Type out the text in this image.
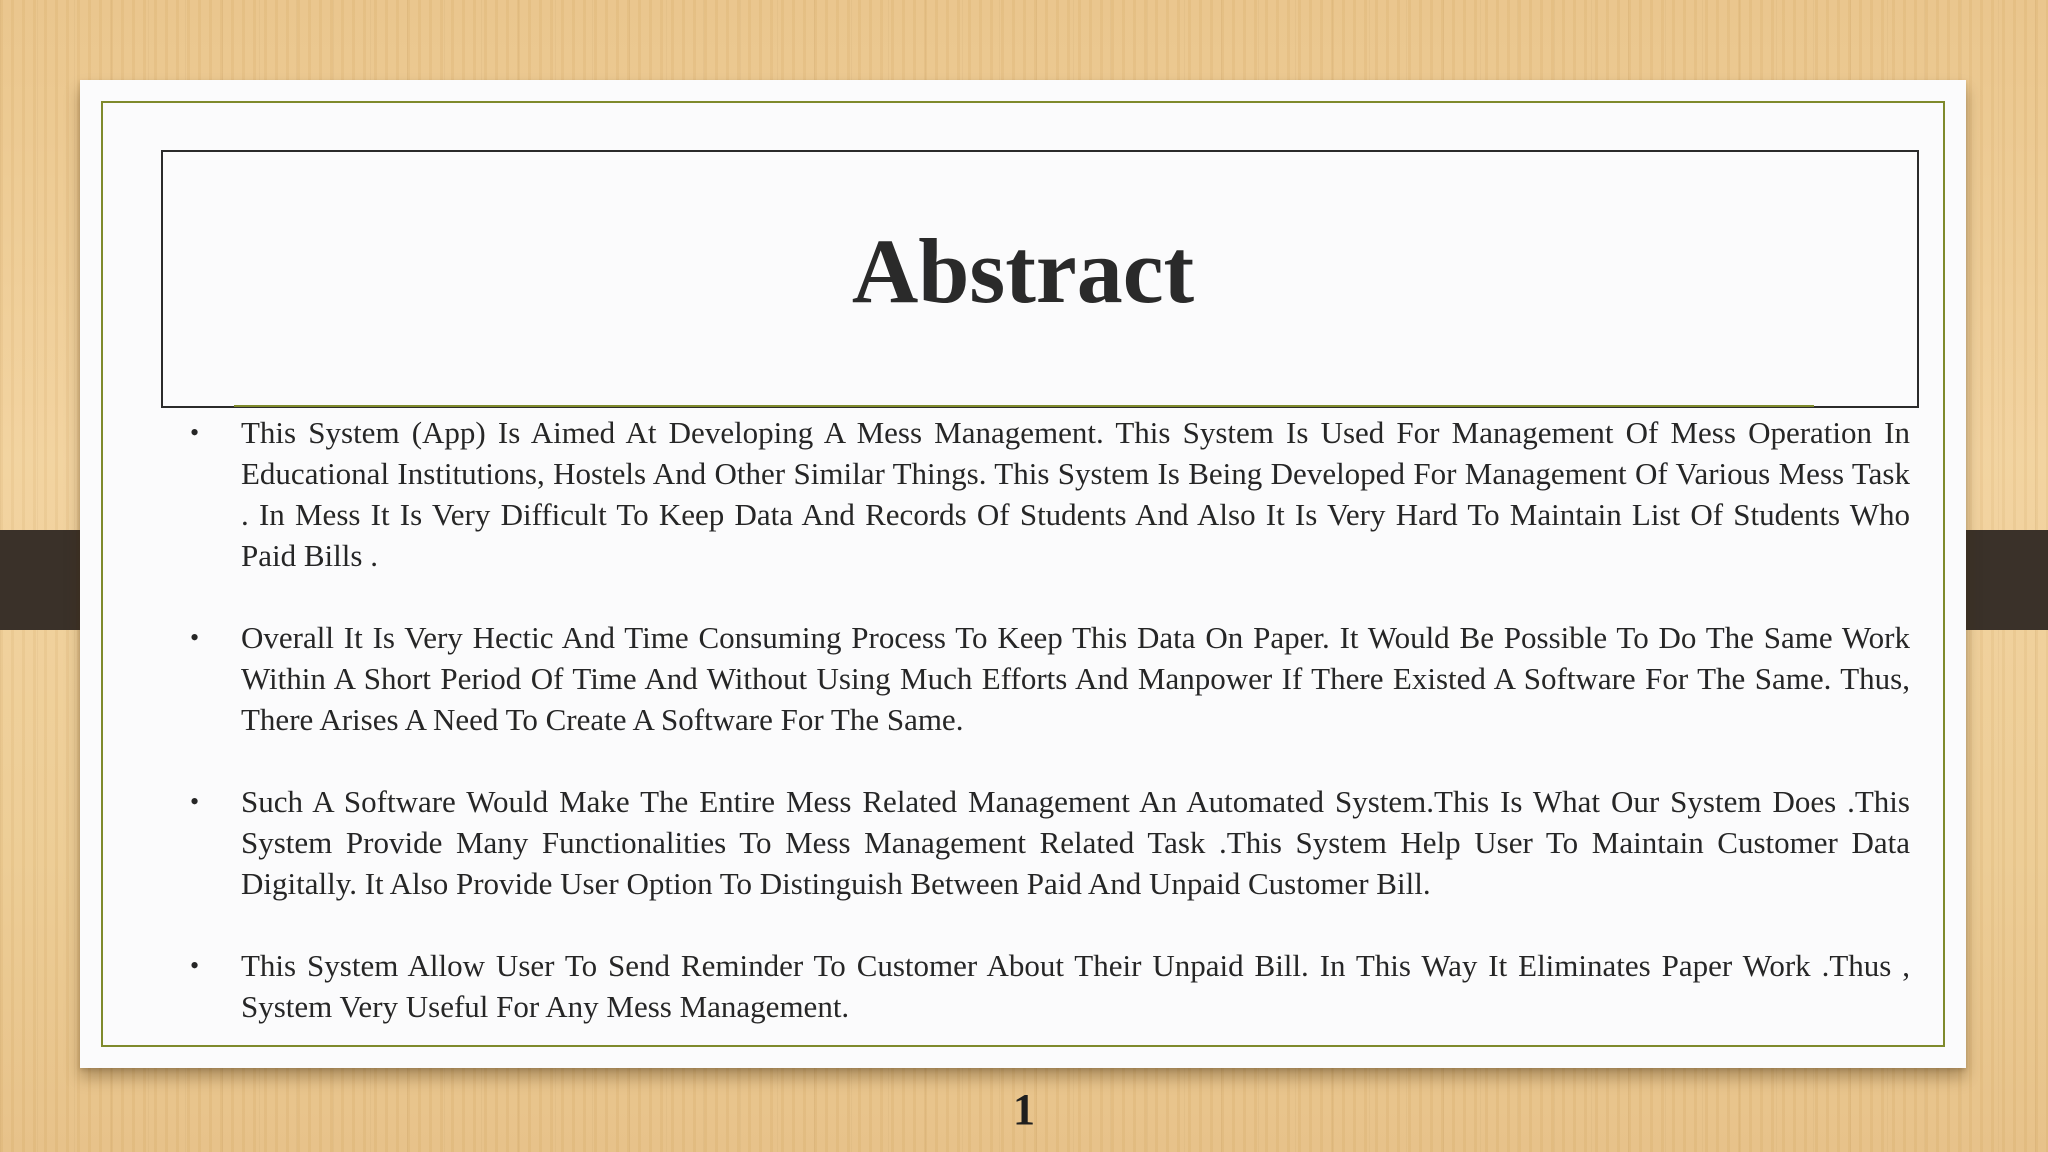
Abstract
•	This System (App) Is Aimed At Developing A Mess Management. This System Is Used For Management Of Mess Operation In Educational Institutions, Hostels And Other Similar Things. This System Is Being Developed For Management Of Various Mess Task . In Mess It Is Very Difficult To Keep Data And Records Of Students And Also It Is Very Hard To Maintain List Of Students Who Paid Bills .
•	Overall It Is Very Hectic And Time Consuming Process To Keep This Data On Paper. It Would Be Possible To Do The Same Work Within A Short Period Of Time And Without Using Much Efforts And Manpower If There Existed A Software For The Same. Thus, There Arises A Need To Create A Software For The Same.
•	Such A Software Would Make The Entire Mess Related Management An Automated System.This Is What Our System Does .This System Provide Many Functionalities To Mess Management Related Task .This System Help User To Maintain Customer Data Digitally. It Also Provide User Option To Distinguish Between Paid And Unpaid Customer Bill.
•	This System Allow User To Send Reminder To Customer About Their Unpaid Bill. In This Way It Eliminates Paper Work .Thus , System Very Useful For Any Mess Management.
1
